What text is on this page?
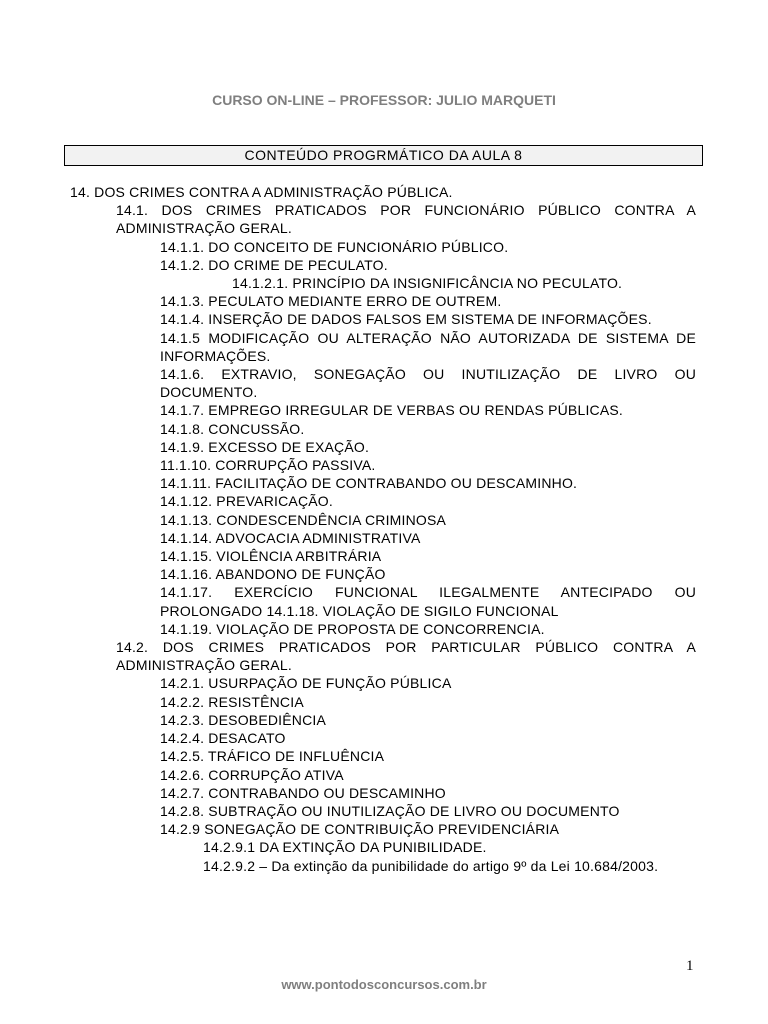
CURSO ON-LINE – PROFESSOR: JULIO MARQUETI
CONTEÚDO PROGRMÁTICO DA AULA 8
14. DOS CRIMES CONTRA A ADMINISTRAÇÃO PÚBLICA.
14.1. DOS CRIMES PRATICADOS POR FUNCIONÁRIO PÚBLICO CONTRA A ADMINISTRAÇÃO GERAL.
14.1.1. DO CONCEITO DE FUNCIONÁRIO PÚBLICO.
14.1.2. DO CRIME DE PECULATO.
14.1.2.1. PRINCÍPIO DA INSIGNIFICÂNCIA NO PECULATO.
14.1.3. PECULATO MEDIANTE ERRO DE OUTREM.
14.1.4. INSERÇÃO DE DADOS FALSOS EM SISTEMA DE INFORMAÇÕES.
14.1.5 MODIFICAÇÃO OU ALTERAÇÃO NÃO AUTORIZADA DE SISTEMA DE INFORMAÇÕES.
14.1.6. EXTRAVIO, SONEGAÇÃO OU INUTILIZAÇÃO DE LIVRO OU DOCUMENTO.
14.1.7. EMPREGO IRREGULAR DE VERBAS OU RENDAS PÚBLICAS.
14.1.8. CONCUSSÃO.
14.1.9. EXCESSO DE EXAÇÃO.
11.1.10. CORRUPÇÃO PASSIVA.
14.1.11. FACILITAÇÃO DE CONTRABANDO OU DESCAMINHO.
14.1.12. PREVARICAÇÃO.
14.1.13. CONDESCENDÊNCIA CRIMINOSA
14.1.14. ADVOCACIA ADMINISTRATIVA
14.1.15. VIOLÊNCIA ARBITRÁRIA
14.1.16. ABANDONO DE FUNÇÃO
14.1.17. EXERCÍCIO FUNCIONAL ILEGALMENTE ANTECIPADO OU PROLONGADO 14.1.18. VIOLAÇÃO DE SIGILO FUNCIONAL
14.1.19. VIOLAÇÃO DE PROPOSTA DE CONCORRENCIA.
14.2. DOS CRIMES PRATICADOS POR PARTICULAR PÚBLICO CONTRA A ADMINISTRAÇÃO GERAL.
14.2.1. USURPAÇÃO DE FUNÇÃO PÚBLICA
14.2.2. RESISTÊNCIA
14.2.3. DESOBEDIÊNCIA
14.2.4. DESACATO
14.2.5. TRÁFICO DE INFLUÊNCIA
14.2.6. CORRUPÇÃO ATIVA
14.2.7. CONTRABANDO OU DESCAMINHO
14.2.8. SUBTRAÇÃO OU INUTILIZAÇÃO DE LIVRO OU DOCUMENTO
14.2.9 SONEGAÇÃO DE CONTRIBUIÇÃO PREVIDENCIÁRIA
14.2.9.1 DA EXTINÇÃO DA PUNIBILIDADE.
14.2.9.2 – Da extinção da punibilidade do artigo 9º da Lei 10.684/2003.
1
www.pontodosconcursos.com.br
